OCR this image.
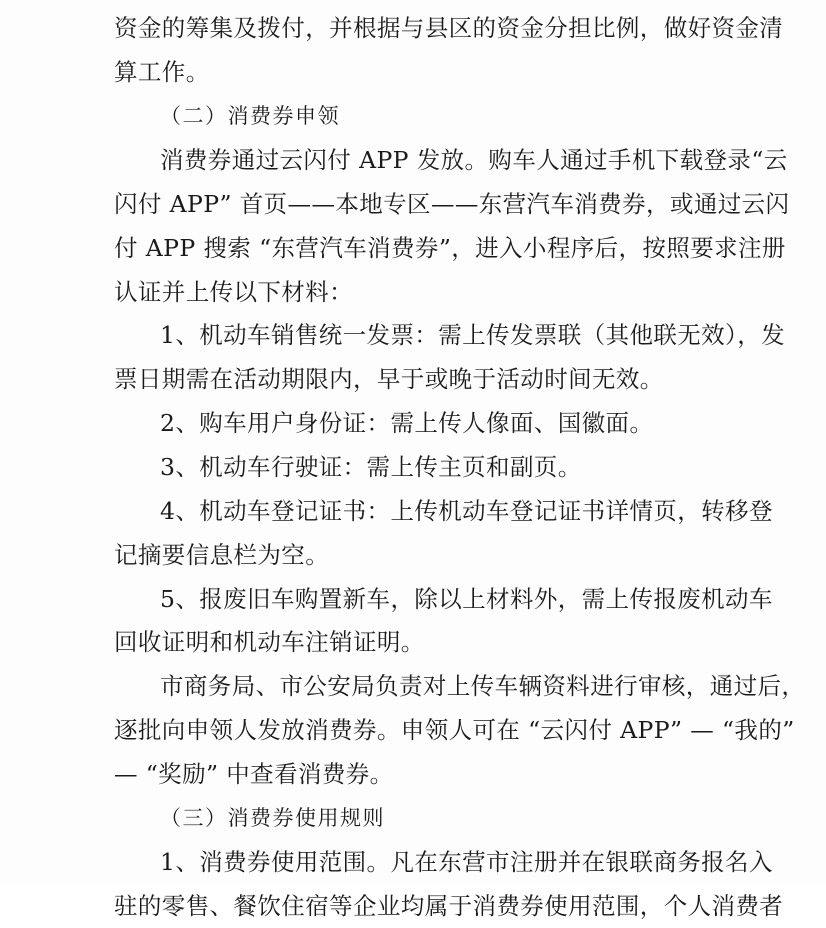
资金的筹集及拨付，并根据与县区的资金分担比例，做好资金清
算工作。
（二）消费券申领
消费券通过云闪付 APP 发放。购车人通过手机下载登录“云
闪付 APP” 首页——本地专区——东营汽车消费券，或通过云闪
付 APP 搜索 “东营汽车消费券”，进入小程序后，按照要求注册
认证并上传以下材料：
1、机动车销售统一发票：需上传发票联（其他联无效），发
票日期需在活动期限内，早于或晚于活动时间无效。
2、购车用户身份证：需上传人像面、国徽面。
3、机动车行驶证：需上传主页和副页。
4、机动车登记证书：上传机动车登记证书详情页，转移登
记摘要信息栏为空。
5、报废旧车购置新车，除以上材料外，需上传报废机动车
回收证明和机动车注销证明。
市商务局、市公安局负责对上传车辆资料进行审核，通过后，
逐批向申领人发放消费券。申领人可在 “云闪付 APP” — “我的”
— “奖励” 中查看消费券。
（三）消费券使用规则
1、消费券使用范围。凡在东营市注册并在银联商务报名入
驻的零售、餐饮住宿等企业均属于消费券使用范围，个人消费者
